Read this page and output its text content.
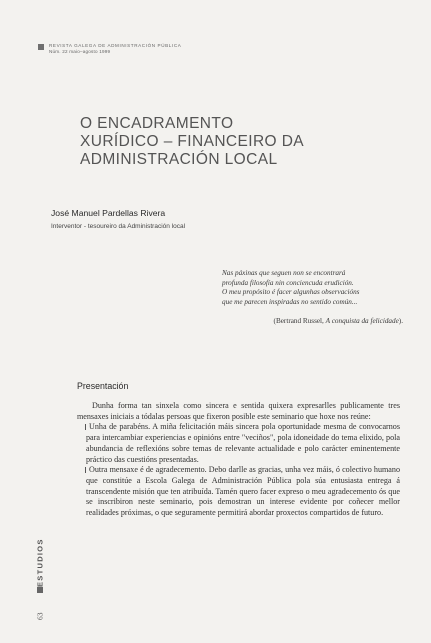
REVISTA GALEGA DE ADMINISTRACIÓN PÚBLICA
Núm. 22 maio–agosto 1999
O ENCADRAMENTO
XURÍDICO – FINANCEIRO DA
ADMINISTRACIÓN LOCAL
José Manuel Pardellas Rivera
Interventor - tesoureiro da Administración local

Nas páxinas que seguen non se encontrará

profunda filosofía nin conciencuda erudición.

O meu propósito é facer algunhas observacións

que me parecen inspiradas no sentido común...

(Bertrand Russel, A conquista da felicidade).
Presentación

Dunha forma tan sinxela como sincera e sentida quixera expresarlles publicamente tres mensaxes iniciais a tódalas persoas que fixeron posible este seminario que hoxe nos reúne:

Unha de parabéns. A miña felicitación máis sincera pola oportunidade mesma de convocarnos para intercambiar experiencias e opinións entre "veciños", pola idoneidade do tema elixido, pola abundancia de reflexións sobre temas de relevante actualidade e polo carácter eminentemente práctico das cuestións presentadas.

Outra mensaxe é de agradecemento. Debo darlle as gracias, unha vez máis, ó colectivo humano que constitúe a Escola Galega de Administración Pública pola súa entusiasta entrega á transcendente misión que ten atribuída. Tamén quero facer expreso o meu agradecemento ós que se inscribiron neste seminario, pois demostran un interese evidente por coñecer mellor realidades próximas, o que seguramente permitirá abordar proxectos compartidos de futuro.

ESTUDIOS
63
